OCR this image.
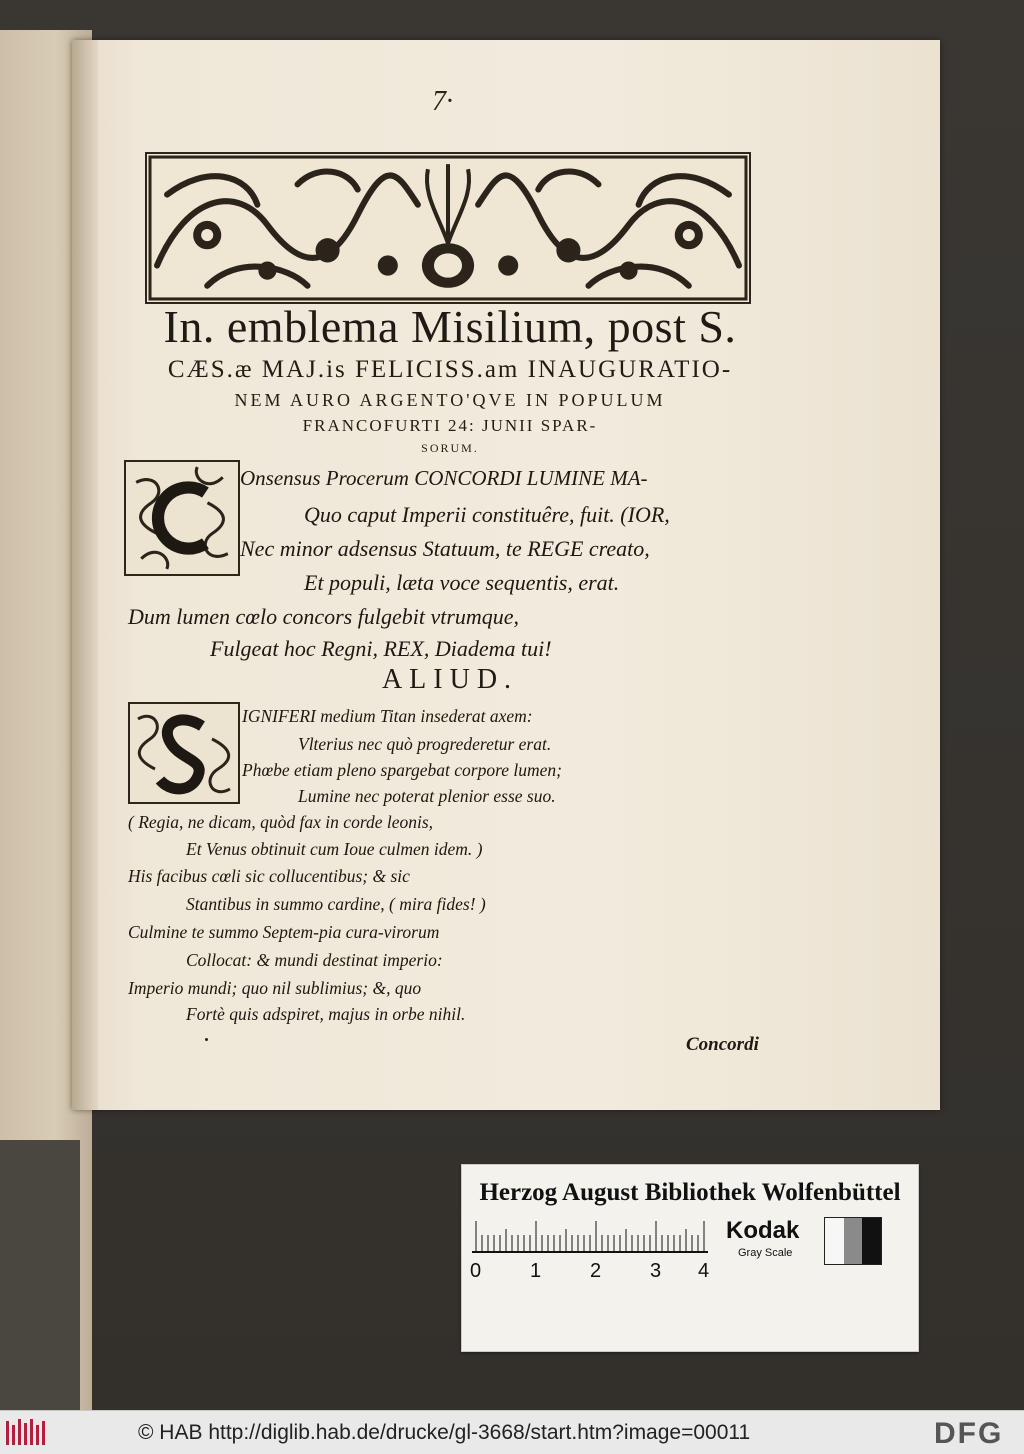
7·
In. emblema Misilium, post S.
CÆS.æ MAJ.is FELICISS.am INAUGURATIO-
NEM AURO ARGENTO'QVE IN POPULUM
FRANCOFURTI 24: JUNII SPAR-
SORUM.
Onsensus Procerum CONCORDI LUMINE MA-
Quo caput Imperii constituêre, fuit. (IOR,
Nec minor adsensus Statuum, te REGE creato,
Et populi, læta voce sequentis, erat.
Dum lumen cœlo concors fulgebit vtrumque,
Fulgeat hoc Regni, REX, Diadema tui!
ALIUD.
IGNIFERI medium Titan insederat axem:
Vlterius nec quò progrederetur erat.
Phœbe etiam pleno spargebat corpore lumen;
Lumine nec poterat plenior esse suo.
( Regia, ne dicam, quòd fax in corde leonis,
Et Venus obtinuit cum Ioue culmen idem. )
His facibus cœli sic collucentibus; & sic
Stantibus in summo cardine, ( mira fides! )
Culmine te summo Septem-pia cura-virorum
Collocat: & mundi destinat imperio:
Imperio mundi; quo nil sublimius; &, quo
Fortè quis adspiret, majus in orbe nihil.
Concordi
Herzog August Bibliothek Wolfenbüttel
0 1 2 3 4
Kodak
Gray Scale
© HAB http://diglib.hab.de/drucke/gl-3668/start.htm?image=00011	DFG
